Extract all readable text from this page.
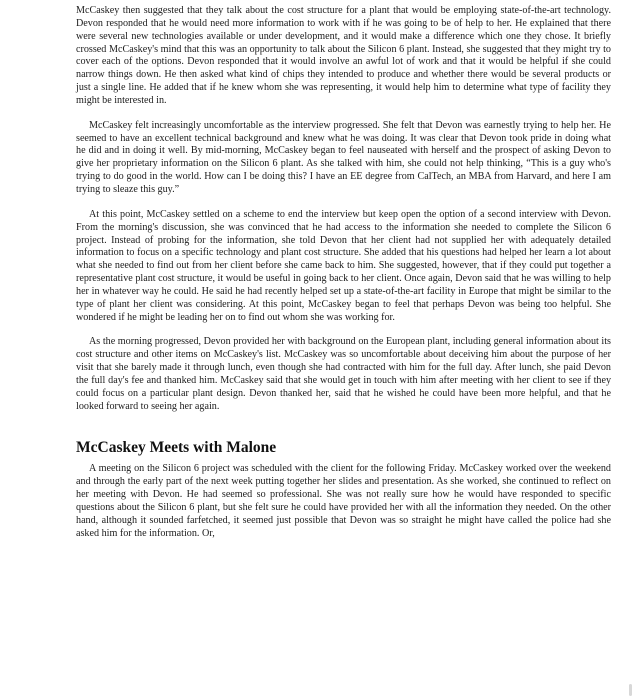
McCaskey then suggested that they talk about the cost structure for a plant that would be employing state-of-the-art technology. Devon responded that he would need more information to work with if he was going to be of help to her. He explained that there were several new technologies available or under development, and it would make a difference which one they chose. It briefly crossed McCaskey's mind that this was an opportunity to talk about the Silicon 6 plant. Instead, she suggested that they might try to cover each of the options. Devon responded that it would involve an awful lot of work and that it would be helpful if she could narrow things down. He then asked what kind of chips they intended to produce and whether there would be several products or just a single line. He added that if he knew whom she was representing, it would help him to determine what type of facility they might be interested in.

McCaskey felt increasingly uncomfortable as the interview progressed. She felt that Devon was earnestly trying to help her. He seemed to have an excellent technical background and knew what he was doing. It was clear that Devon took pride in doing what he did and in doing it well. By mid-morning, McCaskey began to feel nauseated with herself and the prospect of asking Devon to give her proprietary information on the Silicon 6 plant. As she talked with him, she could not help thinking, “This is a guy who's trying to do good in the world. How can I be doing this? I have an EE degree from CalTech, an MBA from Harvard, and here I am trying to sleaze this guy.”

At this point, McCaskey settled on a scheme to end the interview but keep open the option of a second interview with Devon. From the morning's discussion, she was convinced that he had access to the information she needed to complete the Silicon 6 project. Instead of probing for the information, she told Devon that her client had not supplied her with adequately detailed information to focus on a specific technology and plant cost structure. She added that his questions had helped her learn a lot about what she needed to find out from her client before she came back to him. She suggested, however, that if they could put together a representative plant cost structure, it would be useful in going back to her client. Once again, Devon said that he was willing to help her in whatever way he could. He said he had recently helped set up a state-of-the-art facility in Europe that might be similar to the type of plant her client was considering. At this point, McCaskey began to feel that perhaps Devon was being too helpful. She wondered if he might be leading her on to find out whom she was working for.

As the morning progressed, Devon provided her with background on the European plant, including general information about its cost structure and other items on McCaskey's list. McCaskey was so uncomfortable about deceiving him about the purpose of her visit that she barely made it through lunch, even though she had contracted with him for the full day. After lunch, she paid Devon the full day's fee and thanked him. McCaskey said that she would get in touch with him after meeting with her client to see if they could focus on a particular plant design. Devon thanked her, said that he wished he could have been more helpful, and that he looked forward to seeing her again.

McCaskey Meets with Malone

A meeting on the Silicon 6 project was scheduled with the client for the following Friday. McCaskey worked over the weekend and through the early part of the next week putting together her slides and presentation. As she worked, she continued to reflect on her meeting with Devon. He had seemed so professional. She was not really sure how he would have responded to specific questions about the Silicon 6 plant, but she felt sure he could have provided her with all the information they needed. On the other hand, although it sounded farfetched, it seemed just possible that Devon was so straight he might have called the police had she asked him for the information. Or,
